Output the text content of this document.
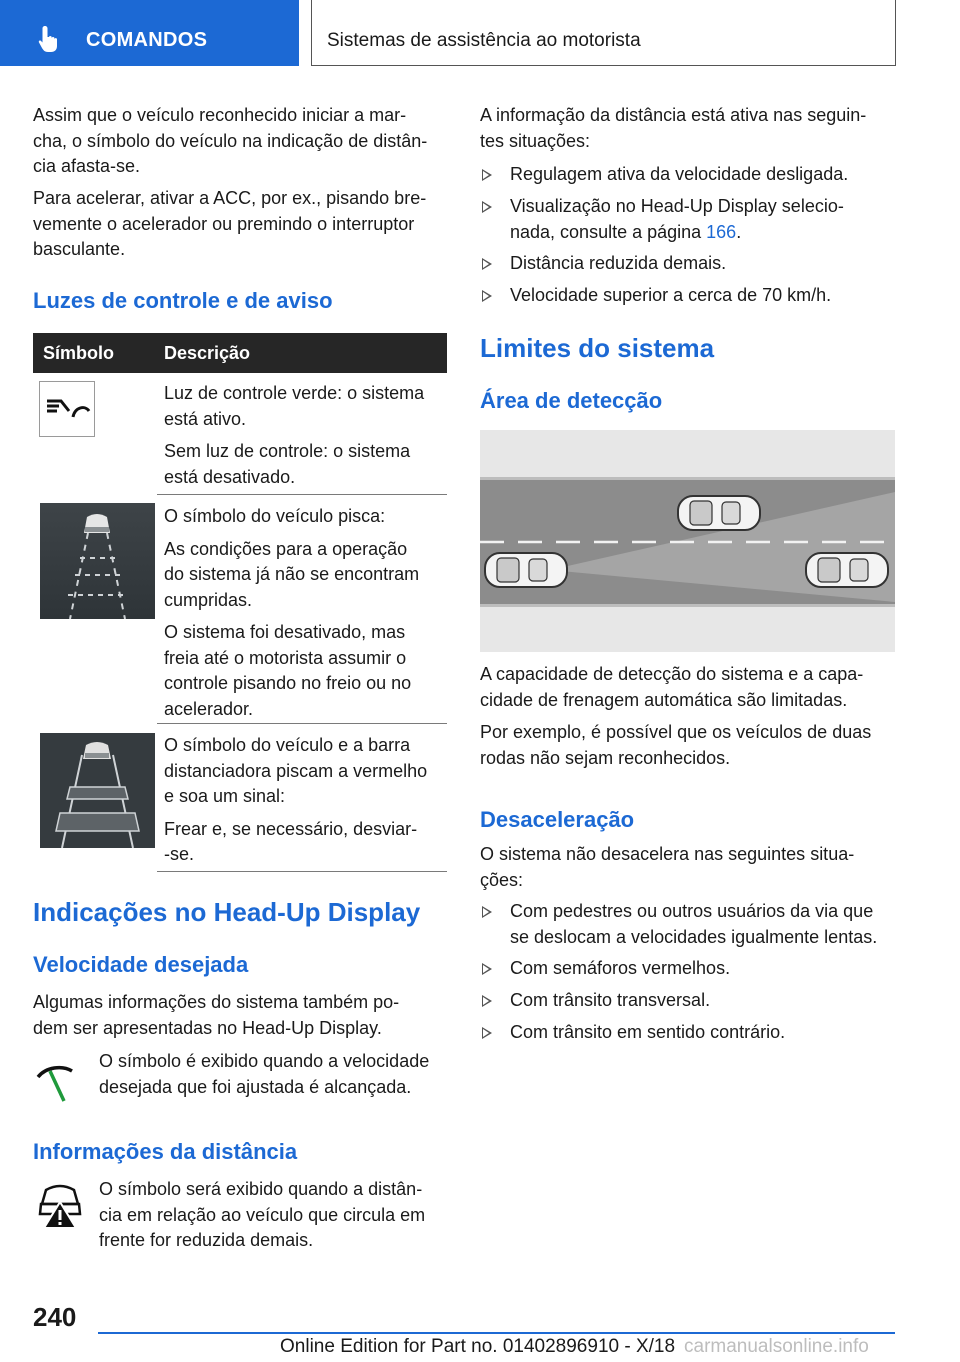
COMANDOS	Sistemas de assistência ao motorista

Assim que o veículo reconhecido iniciar a mar-

cha, o símbolo do veículo na indicação de distân-

cia afasta-se.

Para acelerar, ativar a ACC, por ex., pisando bre-

vemente o acelerador ou premindo o interruptor

basculante.

Luzes de controle e de aviso
Símbolo	Descrição

Luz de controle verde: o sistema

está ativo.

Sem luz de controle: o sistema

está desativado.

O símbolo do veículo pisca:

As condições para a operação

do sistema já não se encontram

cumpridas.

O sistema foi desativado, mas

freia até o motorista assumir o

controle pisando no freio ou no

acelerador.

O símbolo do veículo e a barra

distanciadora piscam a vermelho

e soa um sinal:

Frear e, se necessário, desviar-

-se.

Indicações no Head-Up Display
Velocidade desejada

Algumas informações do sistema também po-

dem ser apresentadas no Head-Up Display.

O símbolo é exibido quando a velocidade

desejada que foi ajustada é alcançada.

Informações da distância

O símbolo será exibido quando a distân-

cia em relação ao veículo que circula em

frente for reduzida demais.

A informação da distância está ativa nas seguin-

tes situações:

Regulagem ativa da velocidade desligada.
Visualização no Head-Up Display selecio-
nada, consulte a página 166.
Distância reduzida demais.
Velocidade superior a cerca de 70 km/h.
Limites do sistema
Área de detecção

A capacidade de detecção do sistema e a capa-

cidade de frenagem automática são limitadas.

Por exemplo, é possível que os veículos de duas

rodas não sejam reconhecidos.

Desaceleração

O sistema não desacelera nas seguintes situa-

ções:

Com pedestres ou outros usuários da via que
se deslocam a velocidades igualmente lentas.
Com semáforos vermelhos.
Com trânsito transversal.
Com trânsito em sentido contrário.
240
Online Edition for Part no. 01402896910 - X/18 carmanualsonline.info
